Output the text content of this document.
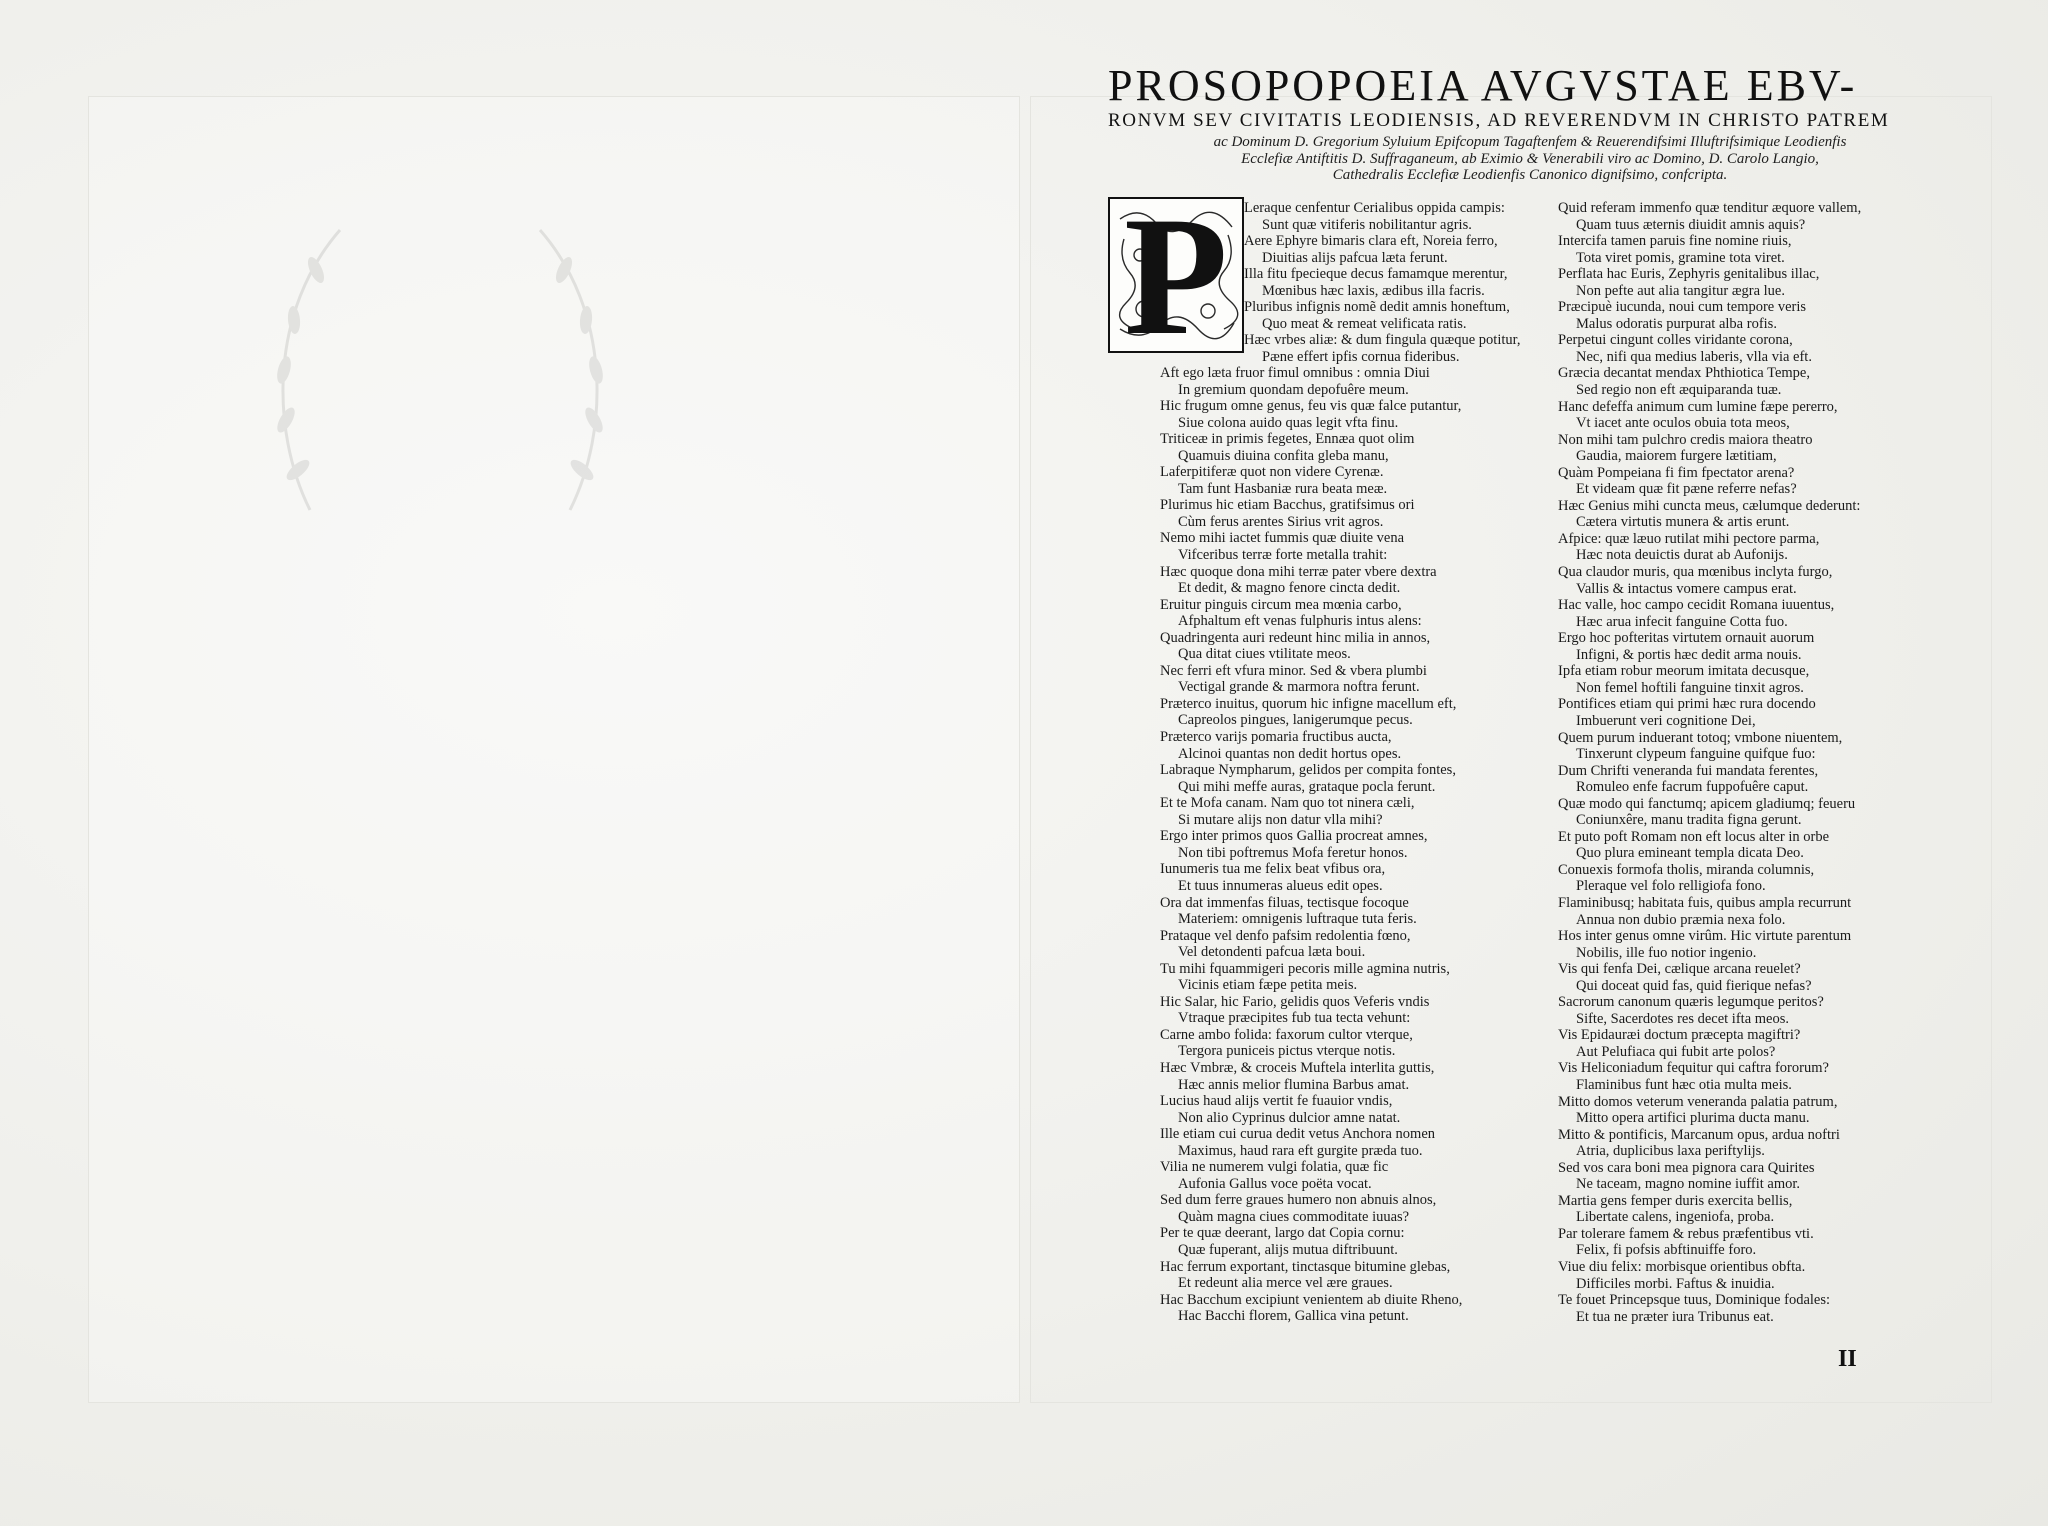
PROSOPOPOEIA AVGVSTAE EBV-
RONVM SEV CIVITATIS LEODIENSIS, AD REVERENDVM IN CHRISTO PATREM
ac Dominum D. Gregorium Syluium Epifcopum Tagaftenfem & Reuerendifsimi Illuftrifsimique Leodienfis
Ecclefiæ Antiftitis D. Suffraganeum, ab Eximio & Venerabili viro ac Domino, D. Carolo Langio,
Cathedralis Ecclefiæ Leodienfis Canonico dignifsimo, confcripta.
P	Leraque cenfentur Cerialibus oppida campis:
Sunt quæ vitiferis nobilitantur agris.
Aere Ephyre bimaris clara eft, Noreia ferro,
Diuitias alijs pafcua læta ferunt.
Illa fitu fpecieque decus famamque merentur,
Mœnibus hæc laxis, ædibus illa facris.
Pluribus infignis nomẽ dedit amnis honeftum,
Quo meat & remeat velificata ratis.
Hæc vrbes aliæ: & dum fingula quæque potitur,
Pæne effert ipfis cornua fideribus.
Aft ego læta fruor fimul omnibus : omnia Diui
In gremium quondam depofuêre meum.
Hic frugum omne genus, feu vis quæ falce putantur,
Siue colona auido quas legit vfta finu.
Triticeæ in primis fegetes, Ennæa quot olim
Quamuis diuina confita gleba manu,
Laferpitiferæ quot non videre Cyrenæ.
Tam funt Hasbaniæ rura beata meæ.
Plurimus hic etiam Bacchus, gratifsimus ori
Cùm ferus arentes Sirius vrit agros.
Nemo mihi iactet fummis quæ diuite vena
Vifceribus terræ forte metalla trahit:
Hæc quoque dona mihi terræ pater vbere dextra
Et dedit, & magno fenore cincta dedit.
Eruitur pinguis circum mea mœnia carbo,
Afphaltum eft venas fulphuris intus alens:
Quadringenta auri redeunt hinc milia in annos,
Qua ditat ciues vtilitate meos.
Nec ferri eft vfura minor. Sed & vbera plumbi
Vectigal grande & marmora noftra ferunt.
Præterco inuitus, quorum hic infigne macellum eft,
Capreolos pingues, lanigerumque pecus.
Præterco varijs pomaria fructibus aucta,
Alcinoi quantas non dedit hortus opes.
Labraque Nympharum, gelidos per compita fontes,
Qui mihi meffe auras, grataque pocla ferunt.
Et te Mofa canam. Nam quo tot ninera cæli,
Si mutare alijs non datur vlla mihi?
Ergo inter primos quos Gallia procreat amnes,
Non tibi poftremus Mofa feretur honos.
Iunumeris tua me felix beat vfibus ora,
Et tuus innumeras alueus edit opes.
Ora dat immenfas filuas, tectisque focoque
Materiem: omnigenis luftraque tuta feris.
Prataque vel denfo pafsim redolentia fœno,
Vel detondenti pafcua læta boui.
Tu mihi fquammigeri pecoris mille agmina nutris,
Vicinis etiam fæpe petita meis.
Hic Salar, hic Fario, gelidis quos Veferis vndis
Vtraque præcipites fub tua tecta vehunt:
Carne ambo folida: faxorum cultor vterque,
Tergora punicеis pictus vterque notis.
Hæc Vmbræ, & croceis Muftela interlita guttis,
Hæc annis melior flumina Barbus amat.
Lucius haud alijs vertit fe fuauior vndis,
Non alio Cyprinus dulcior amne natat.
Ille etiam cui curua dedit vetus Anchora nomen
Maximus, haud rara eft gurgite præda tuo.
Vilia ne numerem vulgi folatia, quæ fic
Aufonia Gallus voce poëta vocat.
Sed dum ferre graues humero non abnuis alnos,
Quàm magna ciues commoditate iuuas?
Per te quæ deerant, largo dat Copia cornu:
Quæ fuperant, alijs mutua diftribuunt.
Hac ferrum exportant, tinctasque bitumine glebas,
Et redeunt alia merce vel ære graues.
Hac Bacchum excipiunt venientem ab diuite Rheno,
Hac Bacchi florem, Gallica vina petunt.
Quid referam immenfo quæ tenditur æquore vallem,
Quam tuus æternis diuidit amnis aquis?
Intercifa tamen paruis fine nomine riuis,
Tota viret pomis, gramine tota viret.
Perflata hac Euris, Zephyris genitalibus illac,
Non pefte aut alia tangitur ægra lue.
Præcipuè iucunda, noui cum tempore veris
Malus odoratis purpurat alba rofis.
Perpetui cingunt colles viridante corona,
Nec, nifi qua medius laberis, vlla via eft.
Græcia decantat mendax Phthiotica Tempe,
Sed regio non eft æquiparanda tuæ.
Hanc defeffa animum cum lumine fæpe pererro,
Vt iacet ante oculos obuia tota meos,
Non mihi tam pulchro credis maiora theatro
Gaudia, maiorem furgere lætitiam,
Quàm Pompeiana fi fim fpectator arena?
Et videam quæ fit pæne referre nefas?
Hæc Genius mihi cuncta meus, cælumque dederunt:
Cætera virtutis munera & artis erunt.
Afpice: quæ læuo rutilat mihi pectore parma,
Hæc nota deuictis durat ab Aufonijs.
Qua claudor muris, qua mœnibus inclyta furgo,
Vallis & intactus vomere campus erat.
Hac valle, hoc campo cecidit Romana iuuentus,
Hæc arua infecit fanguine Cotta fuo.
Ergo hoc pofteritas virtutem ornauit auorum
Infigni, & portis hæc dedit arma nouis.
Ipfa etiam robur meorum imitata decusque,
Non femel hoftili fanguine tinxit agros.
Pontifices etiam qui primi hæc rura docendo
Imbuerunt veri cognitione Dei,
Quem purum induerant totoq; vmbone niuentem,
Tinxerunt clypeum fanguine quifque fuo:
Dum Chrifti veneranda fui mandata ferentes,
Romuleo enfe facrum fuppofuêre caput.
Quæ modo qui fanctumq; apicem gladiumq; feueru
Coniunxêre, manu tradita figna gerunt.
Et puto poft Romam non eft locus alter in orbe
Quo plura emineant templa dicata Deo.
Conuexis formofa tholis, miranda columnis,
Pleraque vel folo relligiofa fono.
Flaminibusq; habitata fuis, quibus ampla recurrunt
Annua non dubio præmia nexa folo.
Hos inter genus omne virûm. Hic virtute parentum
Nobilis, ille fuo notior ingenio.
Vis qui fenfa Dei, cælique arcana reuelet?
Qui doceat quid fas, quid fierique nefas?
Sacrorum canonum quæris legumque peritos?
Sifte, Sacerdotes res decet ifta meos.
Vis Epidauræi doctum præcepta magiftri?
Aut Pelufiaca qui fubit arte polos?
Vis Heliconiadum fequitur qui caftra fororum?
Flaminibus funt hæc otia multa meis.
Mitto domos veterum veneranda palatia patrum,
Mitto opera artifici plurima ducta manu.
Mitto & pontificis, Marcanum opus, ardua noftri
Atria, duplicibus laxa periftylijs.
Sed vos cara boni mea pignora cara Quirites
Ne taceam, magno nomine iuffit amor.
Martia gens femper duris exercita bellis,
Libertate calens, ingeniofa, proba.
Par tolerare famem & rebus præfentibus vti.
Felix, fi pofsis abftinuiffe foro.
Viue diu felix: morbisque orientibus obfta.
Difficiles morbi. Faftus & inuidia.
Te fouet Princepsque tuus, Dominique fodales:
Et tua ne præter iura Tribunus eat.
II
